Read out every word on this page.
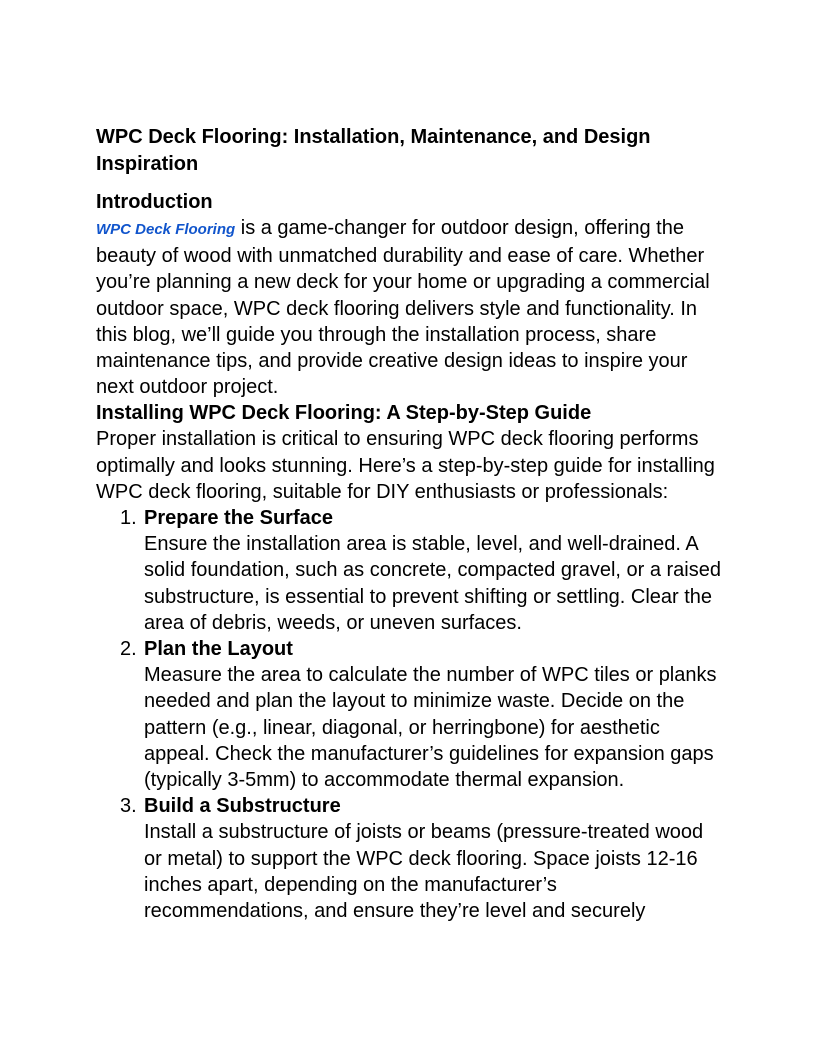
WPC Deck Flooring: Installation, Maintenance, and Design Inspiration
Introduction

WPC Deck Flooring is a game-changer for outdoor design, offering the beauty of wood with unmatched durability and ease of care. Whether you’re planning a new deck for your home or upgrading a commercial outdoor space, WPC deck flooring delivers style and functionality. In this blog, we’ll guide you through the installation process, share maintenance tips, and provide creative design ideas to inspire your next outdoor project.

Installing WPC Deck Flooring: A Step-by-Step Guide

Proper installation is critical to ensuring WPC deck flooring performs optimally and looks stunning. Here’s a step-by-step guide for installing WPC deck flooring, suitable for DIY enthusiasts or professionals:

1. Prepare the Surface

Ensure the installation area is stable, level, and well-drained. A solid foundation, such as concrete, compacted gravel, or a raised substructure, is essential to prevent shifting or settling. Clear the area of debris, weeds, or uneven surfaces.

2. Plan the Layout

Measure the area to calculate the number of WPC tiles or planks needed and plan the layout to minimize waste. Decide on the pattern (e.g., linear, diagonal, or herringbone) for aesthetic appeal. Check the manufacturer’s guidelines for expansion gaps (typically 3-5mm) to accommodate thermal expansion.

3. Build a Substructure

Install a substructure of joists or beams (pressure-treated wood or metal) to support the WPC deck flooring. Space joists 12-16 inches apart, depending on the manufacturer’s recommendations, and ensure they’re level and securely
